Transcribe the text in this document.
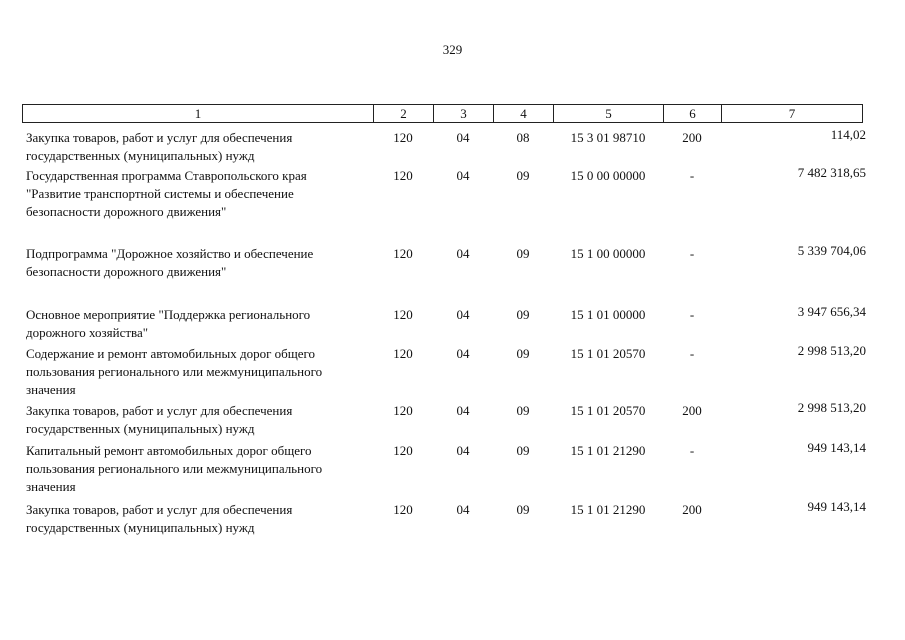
329
1	2	3	4	5	6	7
Закупка товаров, работ и услуг для обеспечения
государственных (муниципальных) нужд
120	04	08	15 3 01 98710	200	114,02
Государственная программа Ставропольского края
"Развитие транспортной системы и обеспечение
безопасности дорожного движения"
120	04	09	15 0 00 00000	-	7 482 318,65
Подпрограмма "Дорожное хозяйство и обеспечение
безопасности дорожного движения"
120	04	09	15 1 00 00000	-	5 339 704,06
Основное мероприятие "Поддержка регионального
дорожного хозяйства"
120	04	09	15 1 01 00000	-	3 947 656,34
Содержание и ремонт автомобильных дорог общего
пользования регионального или межмуниципального
значения
120	04	09	15 1 01 20570	-	2 998 513,20
Закупка товаров, работ и услуг для обеспечения
государственных (муниципальных) нужд
120	04	09	15 1 01 20570	200	2 998 513,20
Капитальный ремонт автомобильных дорог общего
пользования регионального или межмуниципального
значения
120	04	09	15 1 01 21290	-	949 143,14
Закупка товаров, работ и услуг для обеспечения
государственных (муниципальных) нужд
120	04	09	15 1 01 21290	200	949 143,14
